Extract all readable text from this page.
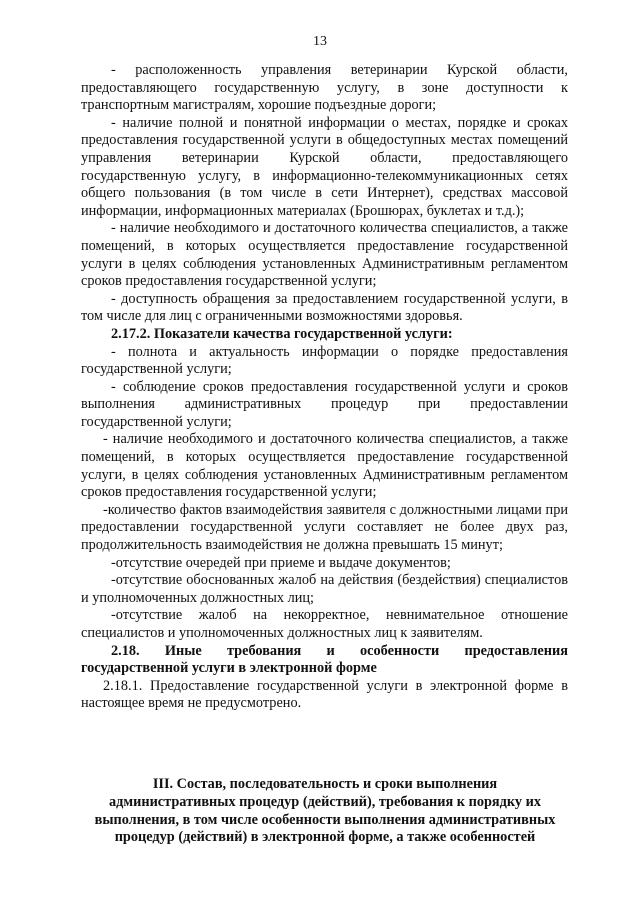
13

- расположенность управления ветеринарии Курской области, предоставляющего государственную услугу, в зоне доступности к транспортным магистралям, хорошие подъездные дороги;

- наличие полной и понятной информации о местах, порядке и сроках предоставления государственной услуги в общедоступных местах помещений управления ветеринарии Курской области, предоставляющего государственную услугу, в информационно-телекоммуникационных сетях общего пользования (в том числе в сети Интернет), средствах массовой информации, информационных материалах (Брошюрах, буклетах и т.д.);

- наличие необходимого и достаточного количества специалистов, а также помещений, в которых осуществляется предоставление государственной услуги в целях соблюдения установленных Административным регламентом сроков предоставления государственной услуги;

- доступность обращения за предоставлением государственной услуги, в том числе для лиц с ограниченными возможностями здоровья.

2.17.2. Показатели качества государственной услуги:

- полнота и актуальность информации о порядке предоставления государственной услуги;

- соблюдение сроков предоставления государственной услуги и сроков выполнения административных процедур при предоставлении государственной услуги;

- наличие необходимого и достаточного количества специалистов, а также помещений, в которых осуществляется предоставление государственной услуги, в целях соблюдения установленных Административным регламентом сроков предоставления государственной услуги;

-количество фактов взаимодействия заявителя с должностными лицами при предоставлении государственной услуги составляет не более двух раз, продолжительность взаимодействия не должна превышать 15 минут;

-отсутствие очередей при приеме и выдаче документов;

-отсутствие обоснованных жалоб на действия (бездействия) специалистов и уполномоченных должностных лиц;

-отсутствие жалоб на некорректное, невнимательное отношение специалистов и уполномоченных должностных лиц к заявителям.

2.18. Иные требования и особенности предоставления государственной услуги в электронной форме

2.18.1. Предоставление государственной услуги в электронной форме в настоящее время не предусмотрено.

III. Состав, последовательность и сроки выполнения
административных процедур (действий), требования к порядку их
выполнения, в том числе особенности выполнения административных
процедур (действий) в электронной форме, а также особенностей
